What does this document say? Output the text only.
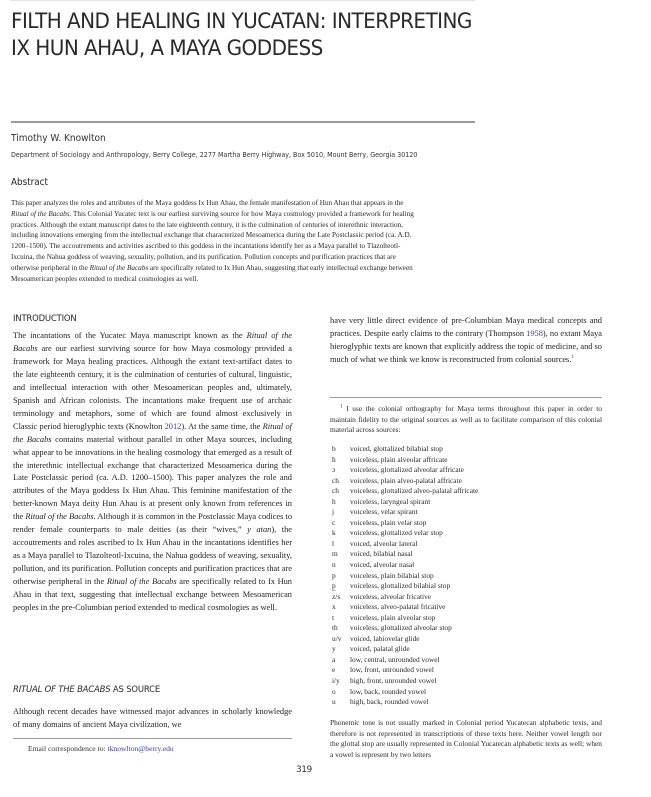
FILTH AND HEALING IN YUCATAN: INTERPRETING
IX HUN AHAU, A MAYA GODDESS
Timothy W. Knowlton
Department of Sociology and Anthropology, Berry College, 2277 Martha Berry Highway, Box 5010, Mount Berry, Georgia 30120
Abstract

This paper analyzes the roles and attributes of the Maya goddess Ix Hun Ahau, the female manifestation of Hun Ahau that appears in the Ritual of the Bacabs. This Colonial Yucatec text is our earliest surviving source for how Maya cosmology provided a framework for healing practices. Although the extant manuscript dates to the late eighteenth century, it is the culmination of centuries of interethnic interaction, including innovations emerging from the intellectual exchange that characterized Mesoamerica during the Late Postclassic period (ca. A.D. 1200–1500). The accoutrements and activities ascribed to this goddess in the incantations identify her as a Maya parallel to Tlazolteotl-Ixcuina, the Nahua goddess of weaving, sexuality, pollution, and its purification. Pollution concepts and purification practices that are otherwise peripheral in the Ritual of the Bacabs are specifically related to Ix Hun Ahau, suggesting that early intellectual exchange between Mesoamerican peoples extended to medical cosmologies as well.

INTRODUCTION

The incantations of the Yucatec Maya manuscript known as the Ritual of the Bacabs are our earliest surviving source for how Maya cosmology provided a framework for Maya healing practices. Although the extant text-artifact dates to the late eighteenth century, it is the culmination of centuries of cultural, linguistic, and intellectual interaction with other Mesoamerican peoples and, ultimately, Spanish and African colonists. The incantations make frequent use of archaic terminology and metaphors, some of which are found almost exclusively in Classic period hieroglyphic texts (Knowlton 2012). At the same time, the Ritual of the Bacabs contains material without parallel in other Maya sources, including what appear to be innovations in the healing cosmology that emerged as a result of the interethnic intellectual exchange that characterized Mesoamerica during the Late Postclassic period (ca. A.D. 1200–1500). This paper analyzes the role and attributes of the Maya goddess Ix Hun Ahau. This feminine manifestation of the better-known Maya deity Hun Ahau is at present only known from references in the Ritual of the Bacabs. Although it is common in the Postclassic Maya codices to render female counterparts to male deities (as their “wives,” y atan), the accoutrements and roles ascribed to Ix Hun Ahau in the incantations identifies her as a Maya parallel to Tlazolteotl-Ixcuina, the Nahua goddess of weaving, sexuality, pollution, and its purification. Pollution concepts and purification practices that are otherwise peripheral in the Ritual of the Bacabs are specifically related to Ix Hun Ahau in that text, suggesting that intellectual exchange between Mesoamerican peoples in the pre-Columbian period extended to medical cosmologies as well.

RITUAL OF THE BACABS AS SOURCE

Although recent decades have witnessed major advances in scholarly knowledge of many domains of ancient Maya civilization, we

Email correspondence to: tknowlton@berry.edu
319

have very little direct evidence of pre-Columbian Maya medical concepts and practices. Despite early claims to the contrary (Thompson 1958), no extant Maya hieroglyphic texts are known that explicitly address the topic of medicine, and so much of what we think we know is reconstructed from colonial sources.$^1$

$^1$ I use the colonial orthography for Maya terms throughout this paper in order to maintain fidelity to the original sources as well as to facilitate comparison of this colonial material across sources:

b	voiced, glottalized bilabial stop
ħ	voiceless, plain alveolar affricate
ɔ	voiceless, glottalized alveolar affricate
ch	voiceless, plain alveo-palatal affricate
ch	voiceless, glottalized alveo-palatal affricate
h	voiceless, laryngeal spirant
j	voiceless, velar spirant
c	voiceless, plain velar stop
k	voiceless, glottalized velar stop
l	voiced, alveolar lateral
m	voiced, bilabial nasal
n	voiced, alveolar nasal
p	voiceless, plain bilabial stop
p̲	voiceless, glottalized bilabial stop
z/s	voiceless, alveolar fricative
x	voiceless, alveo-palatal fricative
t	voiceless, plain alveolar stop
th	voiceless, glottalized alveolar stop
u/v	voiced, labiovelar glide
y	voiced, palatal glide
a	low, central, unrounded vowel
e	low, front, unrounded vowel
i/y	high, front, unrounded vowel
o	low, back, rounded vowel
u	high, back, rounded vowel

Phonemic tone is not usually marked in Colonial period Yucatecan alphabetic texts, and therefore is not represented in transcriptions of these texts here. Neither vowel length nor the glottal stop are usually represented in Colonial Yucatecan alphabetic texts as well; when a vowel is represent by two letters
